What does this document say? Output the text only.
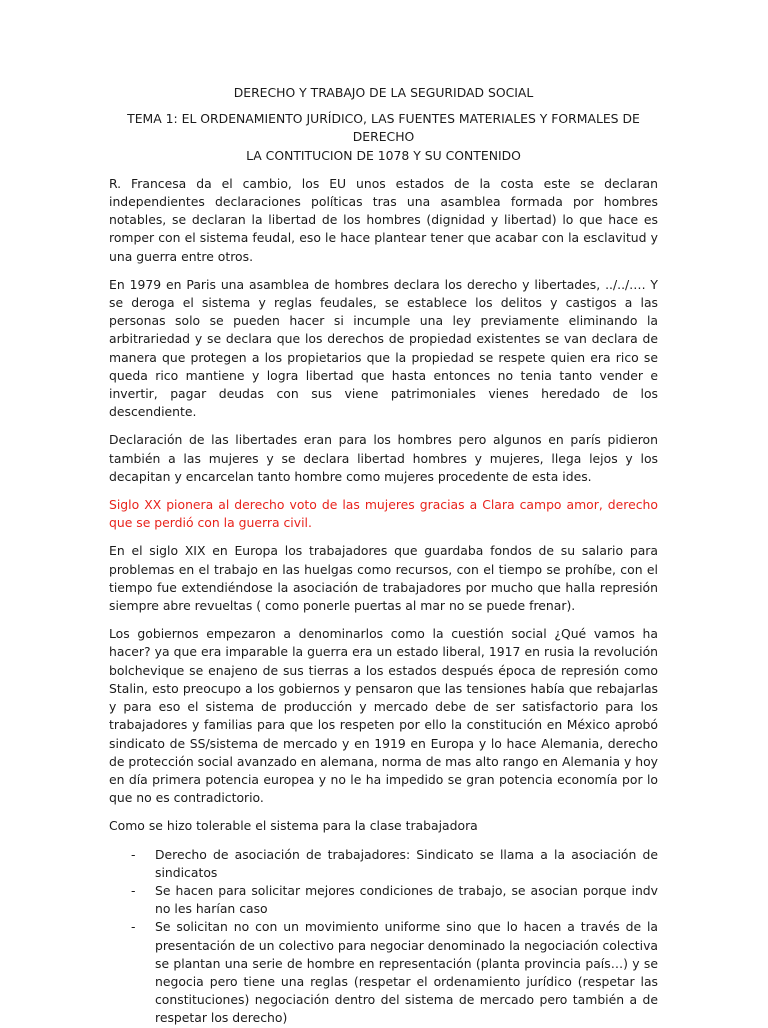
DERECHO Y TRABAJO DE LA SEGURIDAD SOCIAL
TEMA 1: EL ORDENAMIENTO JURÍDICO, LAS FUENTES MATERIALES Y FORMALES DE DERECHO
LA CONTITUCION DE 1078 Y SU CONTENIDO

R. Francesa da el cambio, los EU unos estados de la costa este se declaran independientes declaraciones políticas tras una asamblea formada por hombres notables, se declaran la libertad de los hombres (dignidad y libertad) lo que hace es romper con el sistema feudal, eso le hace plantear tener que acabar con la esclavitud y una guerra entre otros.

En 1979 en Paris una asamblea de hombres declara los derecho y libertades, ../../…. Y se deroga el sistema y reglas feudales, se establece los delitos y castigos a las personas solo se pueden hacer si incumple una ley previamente eliminando la arbitrariedad y se declara que los derechos de propiedad existentes se van declara de manera que protegen a los propietarios que la propiedad se respete quien era rico se queda rico mantiene y logra libertad que hasta entonces no tenia tanto vender e invertir, pagar deudas con sus viene patrimoniales vienes heredado de los descendiente.

Declaración de las libertades eran para los hombres pero algunos en parís pidieron también a las mujeres y se declara libertad hombres y mujeres, llega lejos y los decapitan y encarcelan tanto hombre como mujeres procedente de esta ides.

Siglo XX pionera al derecho voto de las mujeres gracias a Clara campo amor, derecho que se perdió con la guerra civil.

En el siglo XIX en Europa los trabajadores que guardaba fondos de su salario para problemas en el trabajo en las huelgas como recursos, con el tiempo se prohíbe, con el tiempo fue extendiéndose la asociación de trabajadores por mucho que halla represión siempre abre revueltas ( como ponerle puertas al mar no se puede frenar).

Los gobiernos empezaron a denominarlos como la cuestión social ¿Qué vamos ha hacer? ya que era imparable la guerra era un estado liberal, 1917 en rusia la revolución bolchevique se enajeno de sus tierras a los estados después época de represión como Stalin, esto preocupo a los gobiernos y pensaron que las tensiones había que rebajarlas y para eso el sistema de producción y mercado debe de ser satisfactorio para los trabajadores y familias para que los respeten por ello la constitución en México aprobó sindicato de SS/sistema de mercado y en 1919 en Europa y lo hace Alemania, derecho de protección social avanzado en alemana, norma de mas alto rango en Alemania y hoy en día primera potencia europea y no le ha impedido se gran potencia economía por lo que no es contradictorio.

Como se hizo tolerable el sistema para la clase trabajadora

- Derecho de asociación de trabajadores: Sindicato se llama a la asociación de sindicatos
- Se hacen para solicitar mejores condiciones de trabajo, se asocian porque indv no les harían caso
- Se solicitan no con un movimiento uniforme sino que lo hacen a través de la presentación de un colectivo para negociar denominado la negociación colectiva se plantan una serie de hombre en representación (planta provincia país…) y se negocia pero tiene una reglas (respetar el ordenamiento jurídico (respetar las constituciones) negociación dentro del sistema de mercado pero también a de respetar los derecho)
